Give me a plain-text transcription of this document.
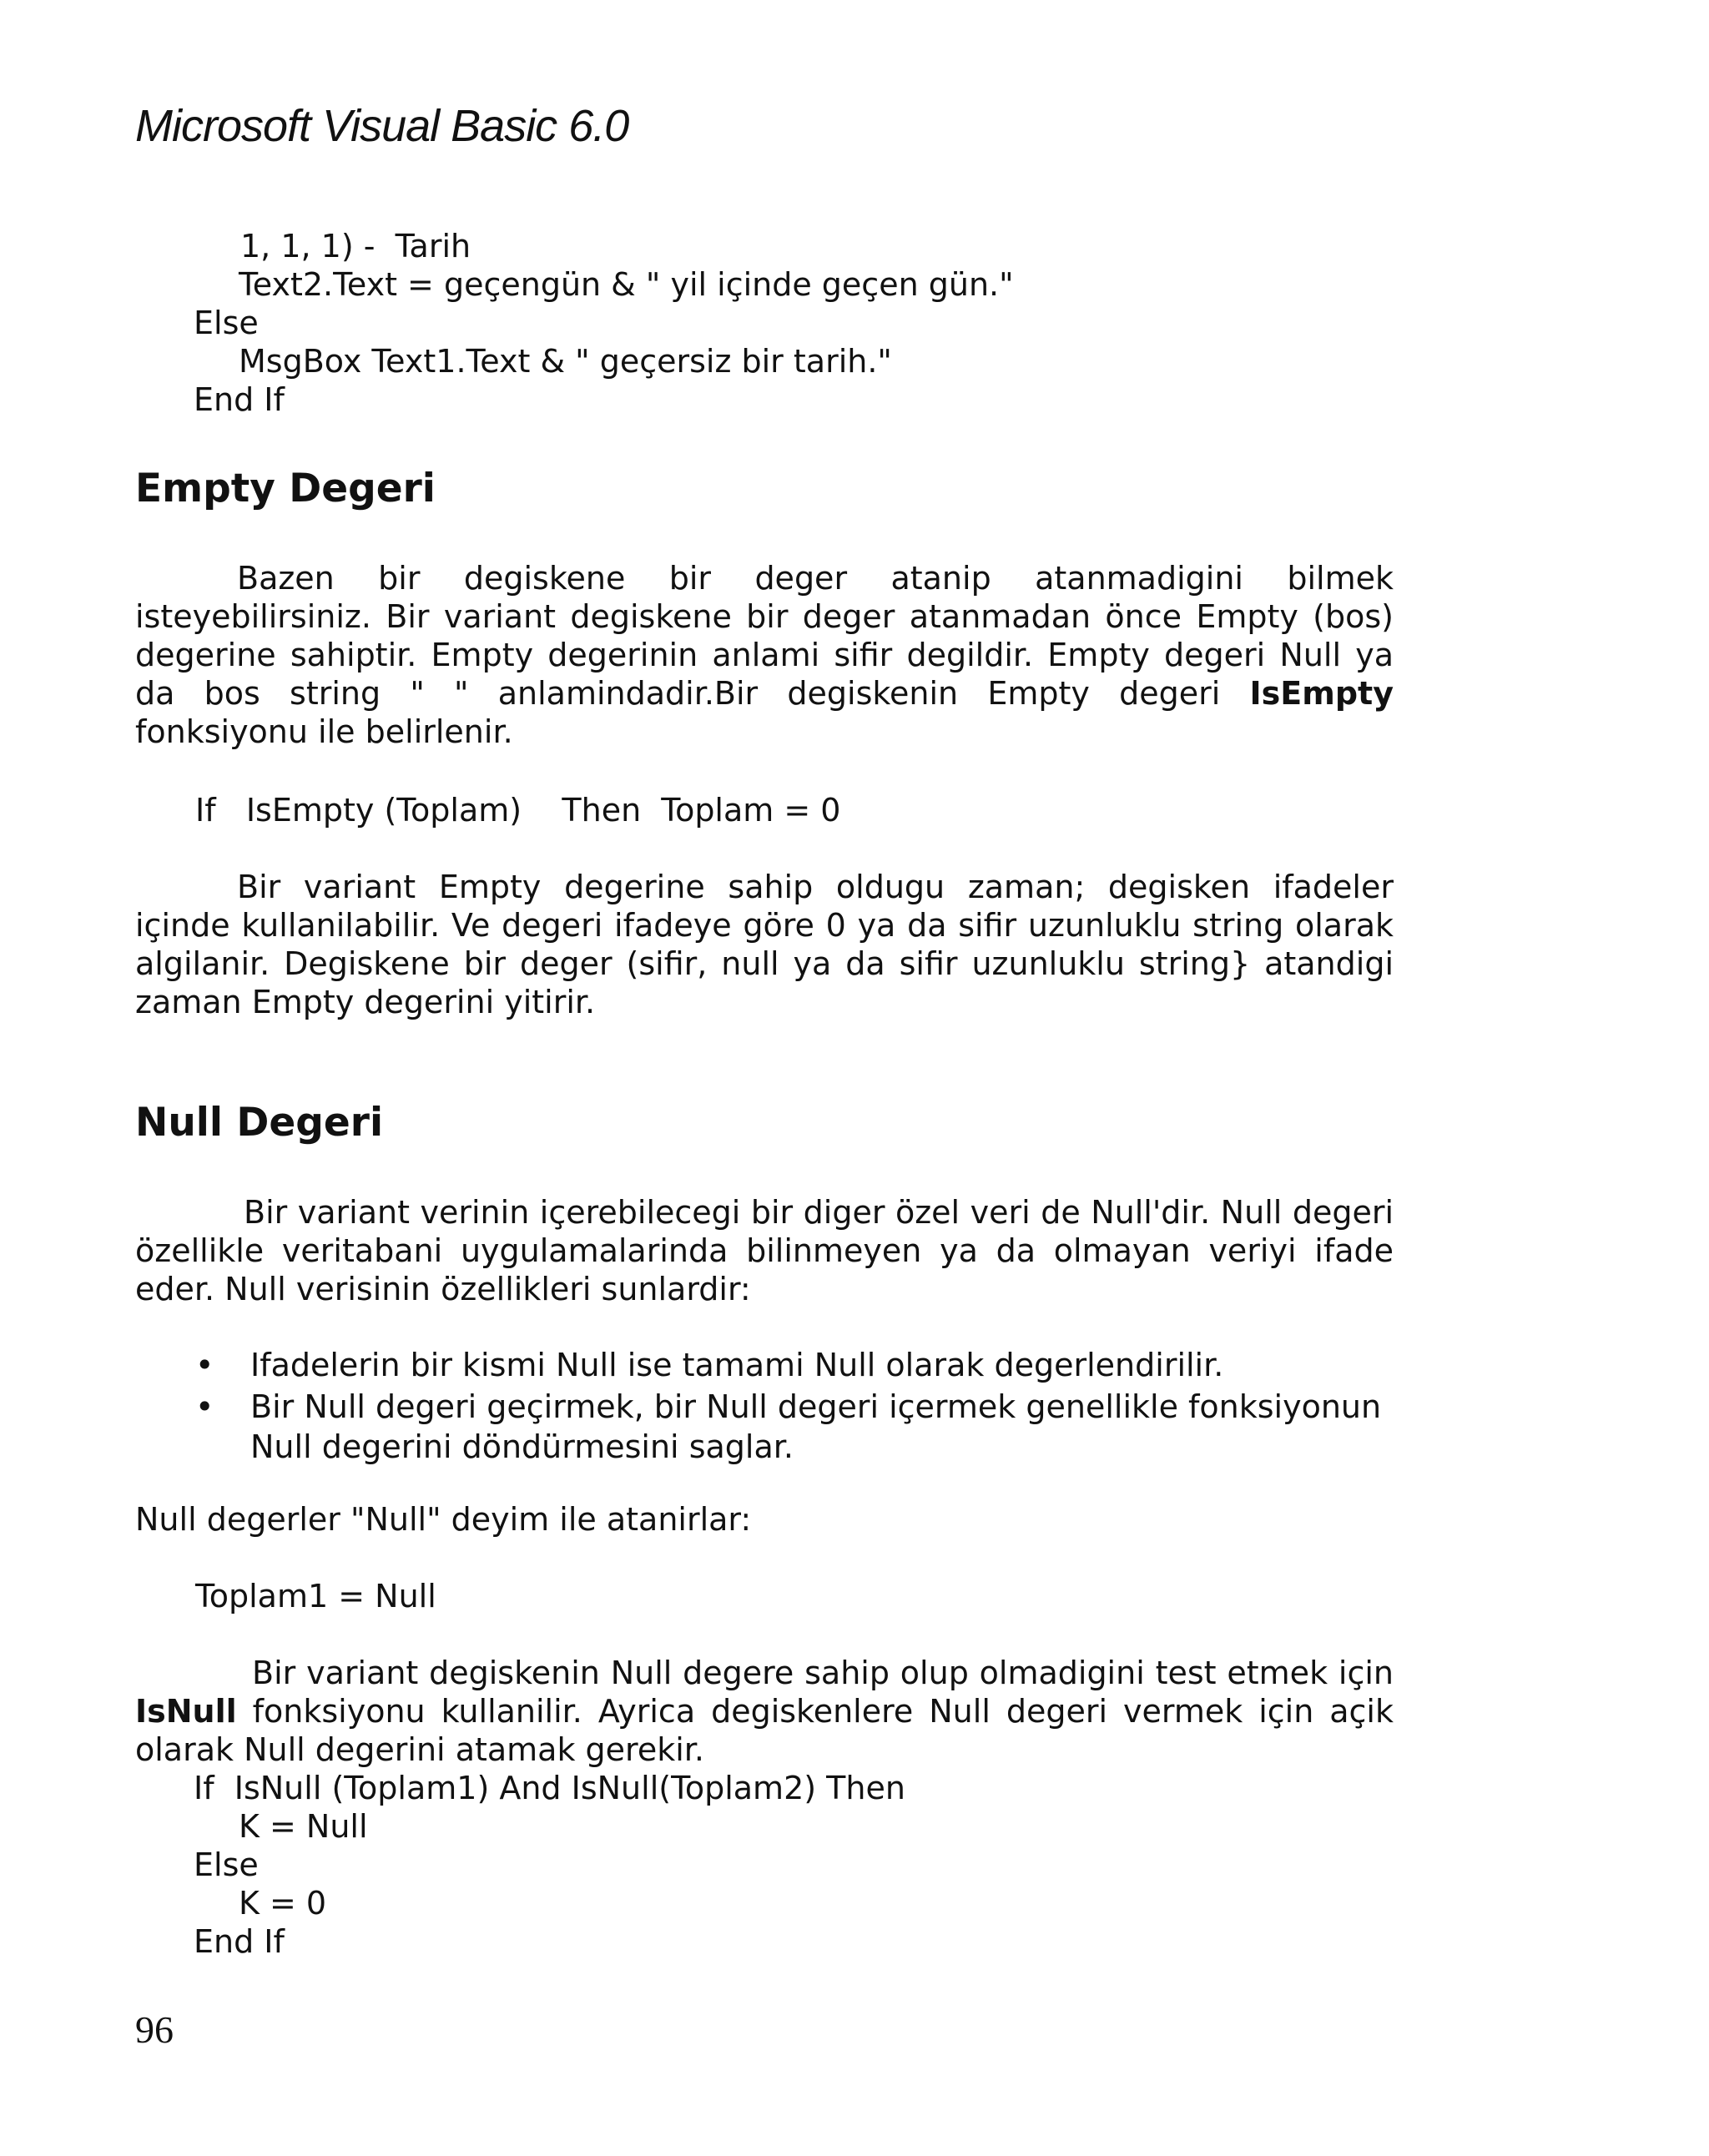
Microsoft Visual Basic 6.0
1, 1, 1) -  Tarih
Text2.Text = geçengün & " yil içinde geçen gün."
Else
MsgBox Text1.Text & " geçersiz bir tarih."
End If
Empty Degeri
Bazen bir degiskene bir deger atanip atanmadigini bilmek isteyebilirsiniz. Bir variant degiskene bir deger atanmadan önce Empty (bos) degerine sahiptir. Empty degerinin anlami sifir degildir. Empty degeri Null ya da bos string " " anlamindadir.Bir degiskenin Empty degeri IsEmpty fonksiyonu ile belirlenir.
If   IsEmpty (Toplam)    Then  Toplam = 0
Bir variant Empty degerine sahip oldugu zaman; degisken ifadeler içinde kullanilabilir. Ve degeri ifadeye göre 0 ya da sifir uzunluklu string olarak algilanir. Degiskene bir deger (sifir, null ya da sifir uzunluklu string} atandigi zaman Empty degerini yitirir.
Null Degeri
Bir variant verinin içerebilecegi bir diger özel veri de Null'dir. Null degeri özellikle veritabani uygulamalarinda bilinmeyen ya da olmayan veriyi ifade eder. Null verisinin özellikleri sunlardir:
• Ifadelerin bir kismi Null ise tamami Null olarak degerlendirilir.
• Bir Null degeri geçirmek, bir Null degeri içermek genellikle fonksiyonun Null degerini döndürmesini saglar.
Null degerler "Null" deyim ile atanirlar:
Toplam1 = Null
Bir variant degiskenin Null degere sahip olup olmadigini test etmek için IsNull fonksiyonu kullanilir. Ayrica degiskenlere Null degeri vermek için açik olarak Null degerini atamak gerekir.
If  IsNull (Toplam1) And IsNull(Toplam2) Then
K = Null
Else
K = 0
End If
96
